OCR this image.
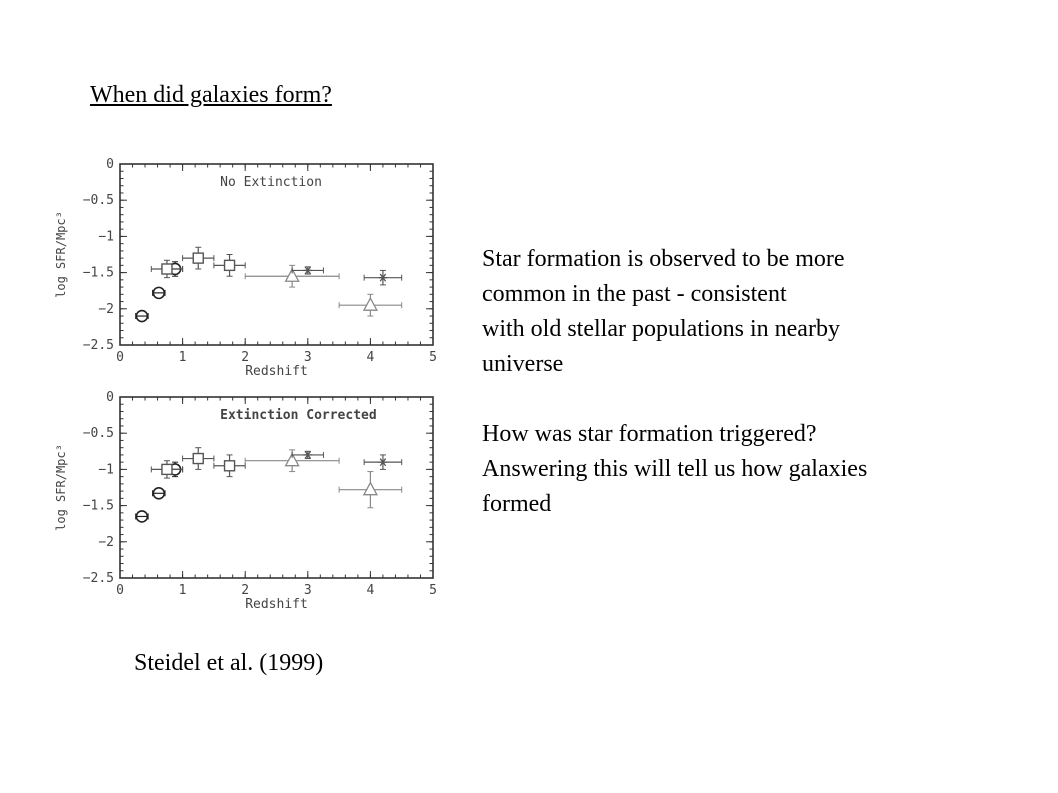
When did galaxies form?
0	1	2	3	4	5
0
−0.5
−1
−1.5
−2
−2.5
Redshift
log SFR/Mpc³
No Extinction
0	1	2	3	4	5
0
−0.5
−1
−1.5
−2
−2.5
Redshift
log SFR/Mpc³
Extinction Corrected

Star formation is observed to be more

common in the past - consistent

with old stellar populations in nearby

universe

How was star formation triggered?

Answering this will tell us how galaxies

formed

Steidel et al. (1999)
